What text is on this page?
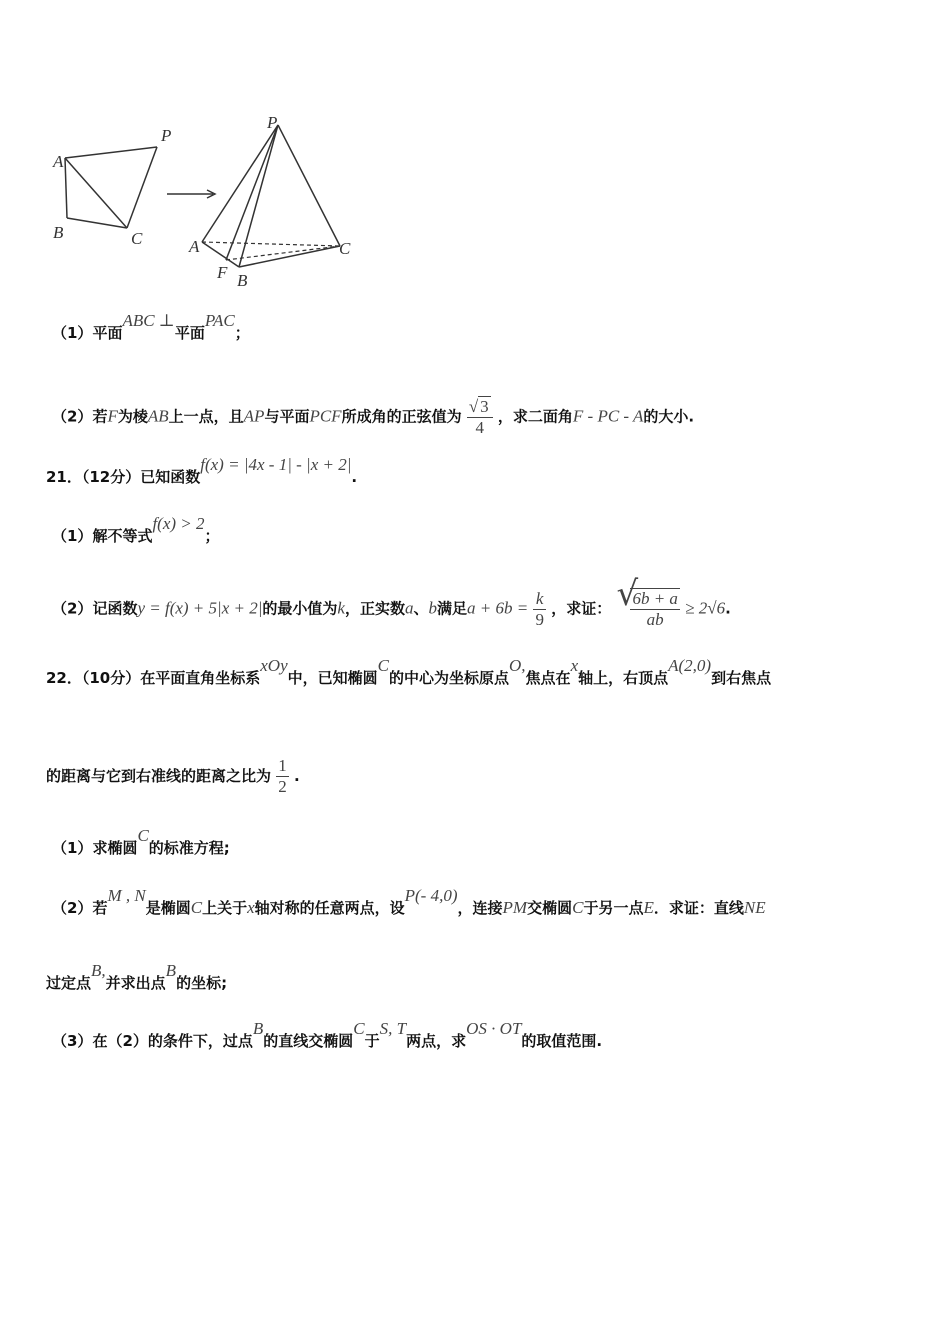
A
P
B	C
P
A
F B
C
（1）平面ABC ⊥平面PAC；
（2）若F为棱AB上一点，且AP与平面PCF所成角的正弦值为 $\frac{√ 3}{4}$ ，求二面角F - PC - A的大小.
21．（12分）已知函数f(x) = |4x - 1| - |x + 2|.
（1）解不等式f(x) > 2；
（2）记函数y = f(x) + 5|x + 2|的最小值为k，正实数a、b满足$a + 6b = \frac{k}{9}$ ，求证： √
$\frac{6b + a}{ab} \ge 2√6$.
22．（10分）在平面直角坐标系xOy中，已知椭圆C的中心为坐标原点O,焦点在x轴上，右顶点A(2,0)到右焦点
的距离与它到右准线的距离之比为 $\frac{1}{2}$ .
（1）求椭圆C的标准方程;
（2）若M , N是椭圆C上关于x轴对称的任意两点，设P(- 4,0)，连接PM交椭圆C于另一点E．求证：直线NE
过定点B,并求出点B的坐标;
（3）在（2）的条件下，过点B的直线交椭圆C于S, T两点，求OS · OT的取值范围.
